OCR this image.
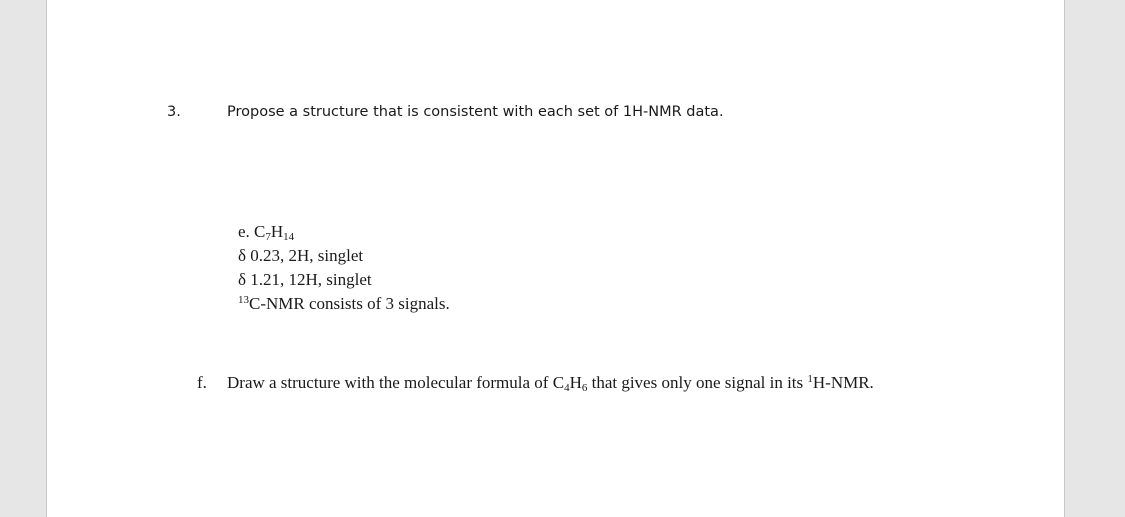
3.	Propose a structure that is consistent with each set of 1H-NMR data.
e. C7H14
δ 0.23, 2H, singlet
δ 1.21, 12H, singlet
$^{13}$C-NMR consists of 3 signals.
f. Draw a structure with the molecular formula of C4H6 that gives only one signal in its $^1$H-NMR.
